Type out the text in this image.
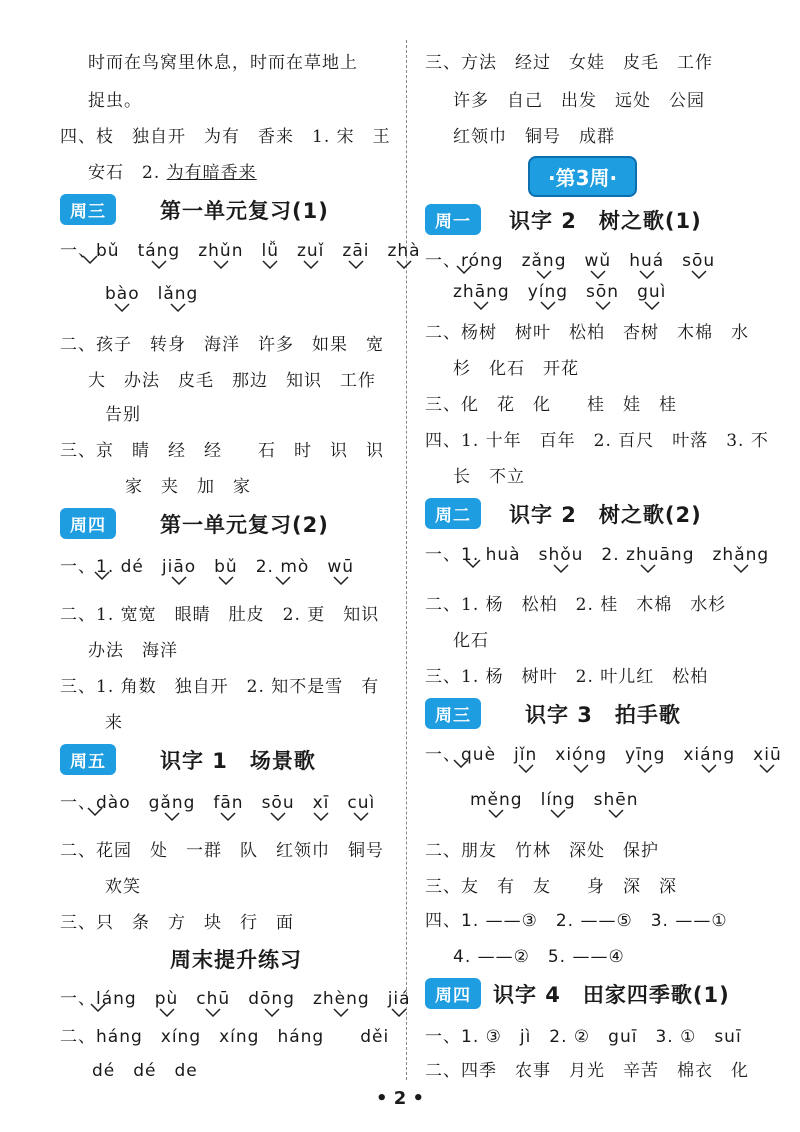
时而在鸟窝里休息，时而在草地上
捉虫。
四、枝　独自开　为有　香来　1. 宋　王
安石　2. 为有暗香来
周三	第一单元复习(1)
一、bǔ táng zhǔn lǚ zuǐ zāi zhà
bào lǎng
二、孩子　转身　海洋　许多　如果　宽
大　办法　皮毛　那边　知识　工作
告别
三、京　睛　经　经　　石　时　识　识
家　夹　加　家
周四	第一单元复习(2)
一、1. dé jiāo bǔ 2. mò wū
二、1. 宽宽　眼睛　肚皮　2. 更　知识
办法　海洋
三、1. 角数　独自开　2. 知不是雪　有
来
周五	识字 1　场景歌
一、dào gǎng fān sōu xī cuì
二、花园　处　一群　队　红领巾　铜号
欢笑
三、只　条　方　块　行　面
周末提升练习
一、láng pù chū dōng zhèng jiá
二、háng　xíng　xíng　háng　　děi
dé　dé　de
三、方法　经过　女娃　皮毛　工作
许多　自己　出发　远处　公园
红领巾　铜号　成群
·第3周·
周一	识字 2　树之歌(1)
一、róng zǎng wǔ huá sōu
zhāng yíng sōn guì
二、杨树　树叶　松柏　杏树　木棉　水
杉　化石　开花
三、化　花　化　　桂　娃　桂
四、1. 十年　百年　2. 百尺　叶落　3. 不
长　不立
周二	识字 2　树之歌(2)
一、1. huà shǒu 2. zhuāng zhǎng
二、1. 杨　松柏　2. 桂　木棉　水杉
化石
三、1. 杨　树叶　2. 叶儿红　松柏
周三	识字 3　拍手歌
一、què jǐn xióng yīng xiáng xiū
měng líng shēn
二、朋友　竹林　深处　保护
三、友　有　友　　身　深　深
四、1. ——③　2. ——⑤　3. ——①
4. ——②　5. ——④
周四	识字 4　田家四季歌(1)
一、1. ③　jì　2. ②　guī　3. ①　suī
二、四季　农事　月光　辛苦　棉衣　化
• 2 •
